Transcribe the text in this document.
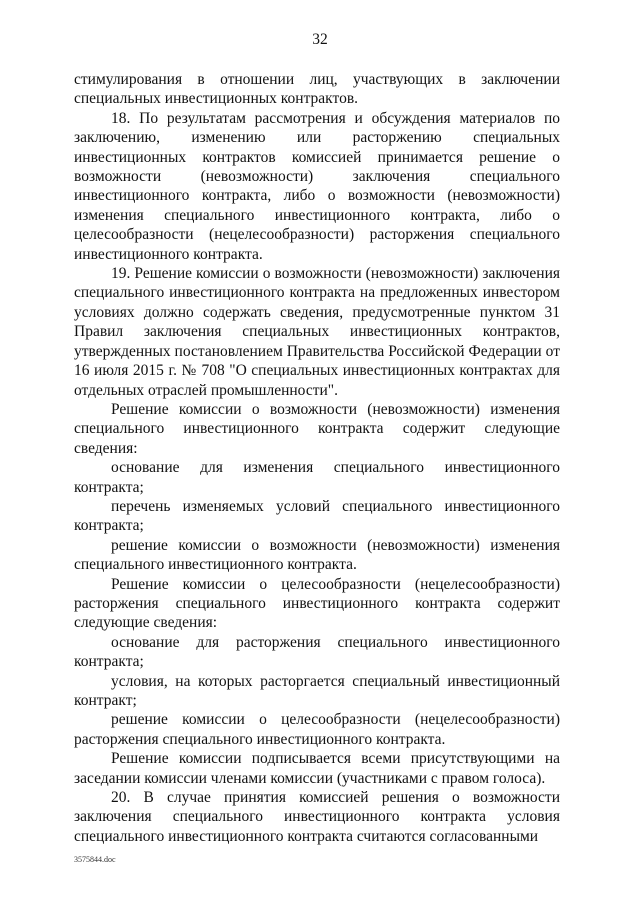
32

стимулирования в отношении лиц, участвующих в заключении специальных инвестиционных контрактов.

18. По результатам рассмотрения и обсуждения материалов по заключению, изменению или расторжению специальных инвестиционных контрактов комиссией принимается решение о возможности (невозможности) заключения специального инвестиционного контракта, либо о возможности (невозможности) изменения специального инвестиционного контракта, либо о целесообразности (нецелесообразности) расторжения специального инвестиционного контракта.

19. Решение комиссии о возможности (невозможности) заключения специального инвестиционного контракта на предложенных инвестором условиях должно содержать сведения, предусмотренные пунктом 31 Правил заключения специальных инвестиционных контрактов, утвержденных постановлением Правительства Российской Федерации от 16 июля 2015 г. № 708 "О специальных инвестиционных контрактах для отдельных отраслей промышленности".

Решение комиссии о возможности (невозможности) изменения специального инвестиционного контракта содержит следующие сведения:

основание для изменения специального инвестиционного контракта;

перечень изменяемых условий специального инвестиционного контракта;

решение комиссии о возможности (невозможности) изменения специального инвестиционного контракта.

Решение комиссии о целесообразности (нецелесообразности) расторжения специального инвестиционного контракта содержит следующие сведения:

основание для расторжения специального инвестиционного контракта;

условия, на которых расторгается специальный инвестиционный контракт;

решение комиссии о целесообразности (нецелесообразности) расторжения специального инвестиционного контракта.

Решение комиссии подписывается всеми присутствующими на заседании комиссии членами комиссии (участниками с правом голоса).

20. В случае принятия комиссией решения о возможности заключения специального инвестиционного контракта условия специального инвестиционного контракта считаются согласованными

3575844.doc
